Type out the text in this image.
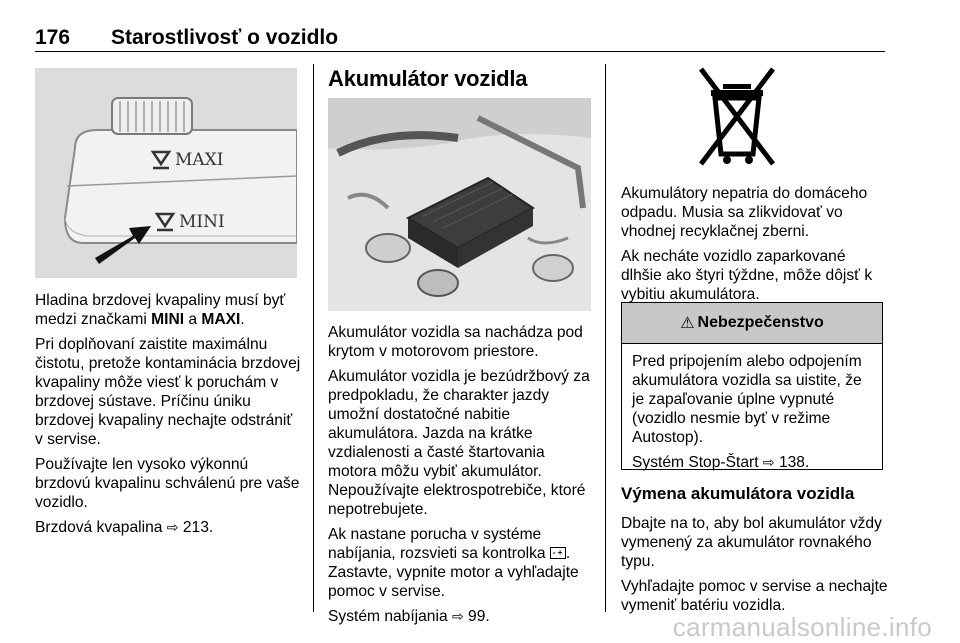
176 Starostlivosť o vozidlo
MAXI
MINI

Hladina brzdovej kvapaliny musí byť medzi značkami MINI a MAXI.

Pri doplňovaní zaistite maximálnu čistotu, pretože kontaminácia brzdovej kvapaliny môže viesť k poruchám v brzdovej sústave. Príčinu úniku brzdovej kvapaliny nechajte odstrániť v servise.

Používajte len vysoko výkonnú brzdovú kvapalinu schválenú pre vaše vozidlo.

Brzdová kvapalina ⇨ 213.

Akumulátor vozidla

Akumulátor vozidla sa nachádza pod krytom v motorovom priestore.

Akumulátor vozidla je bezúdržbový za predpokladu, že charakter jazdy umožní dostatočné nabitie akumulátora. Jazda na krátke vzdialenosti a časté štartovania motora môžu vybiť akumulátor. Nepoužívajte elektrospotrebiče, ktoré nepotrebujete.

Ak nastane porucha v systéme nabíjania, rozsvieti sa kontrolka - + . Zastavte, vypnite motor a vyhľadajte pomoc v servise.

Systém nabíjania ⇨ 99.

Akumulátory nepatria do domáceho odpadu. Musia sa zlikvidovať vo vhodnej recyklačnej zberni.

Ak necháte vozidlo zaparkované dlhšie ako štyri týždne, môže dôjsť k vybitiu akumulátora.

⚠ Nebezpečenstvo

Pred pripojením alebo odpojením akumulátora vozidla sa uistite, že je zapaľovanie úplne vypnuté (vozidlo nesmie byť v režime Autostop).

Systém Stop-Štart ⇨ 138.

Výmena akumulátora vozidla

Dbajte na to, aby bol akumulátor vždy vymenený za akumulátor rovnakého typu.

Vyhľadajte pomoc v servise a nechajte vymeniť batériu vozidla.

carmanualsonline.info
